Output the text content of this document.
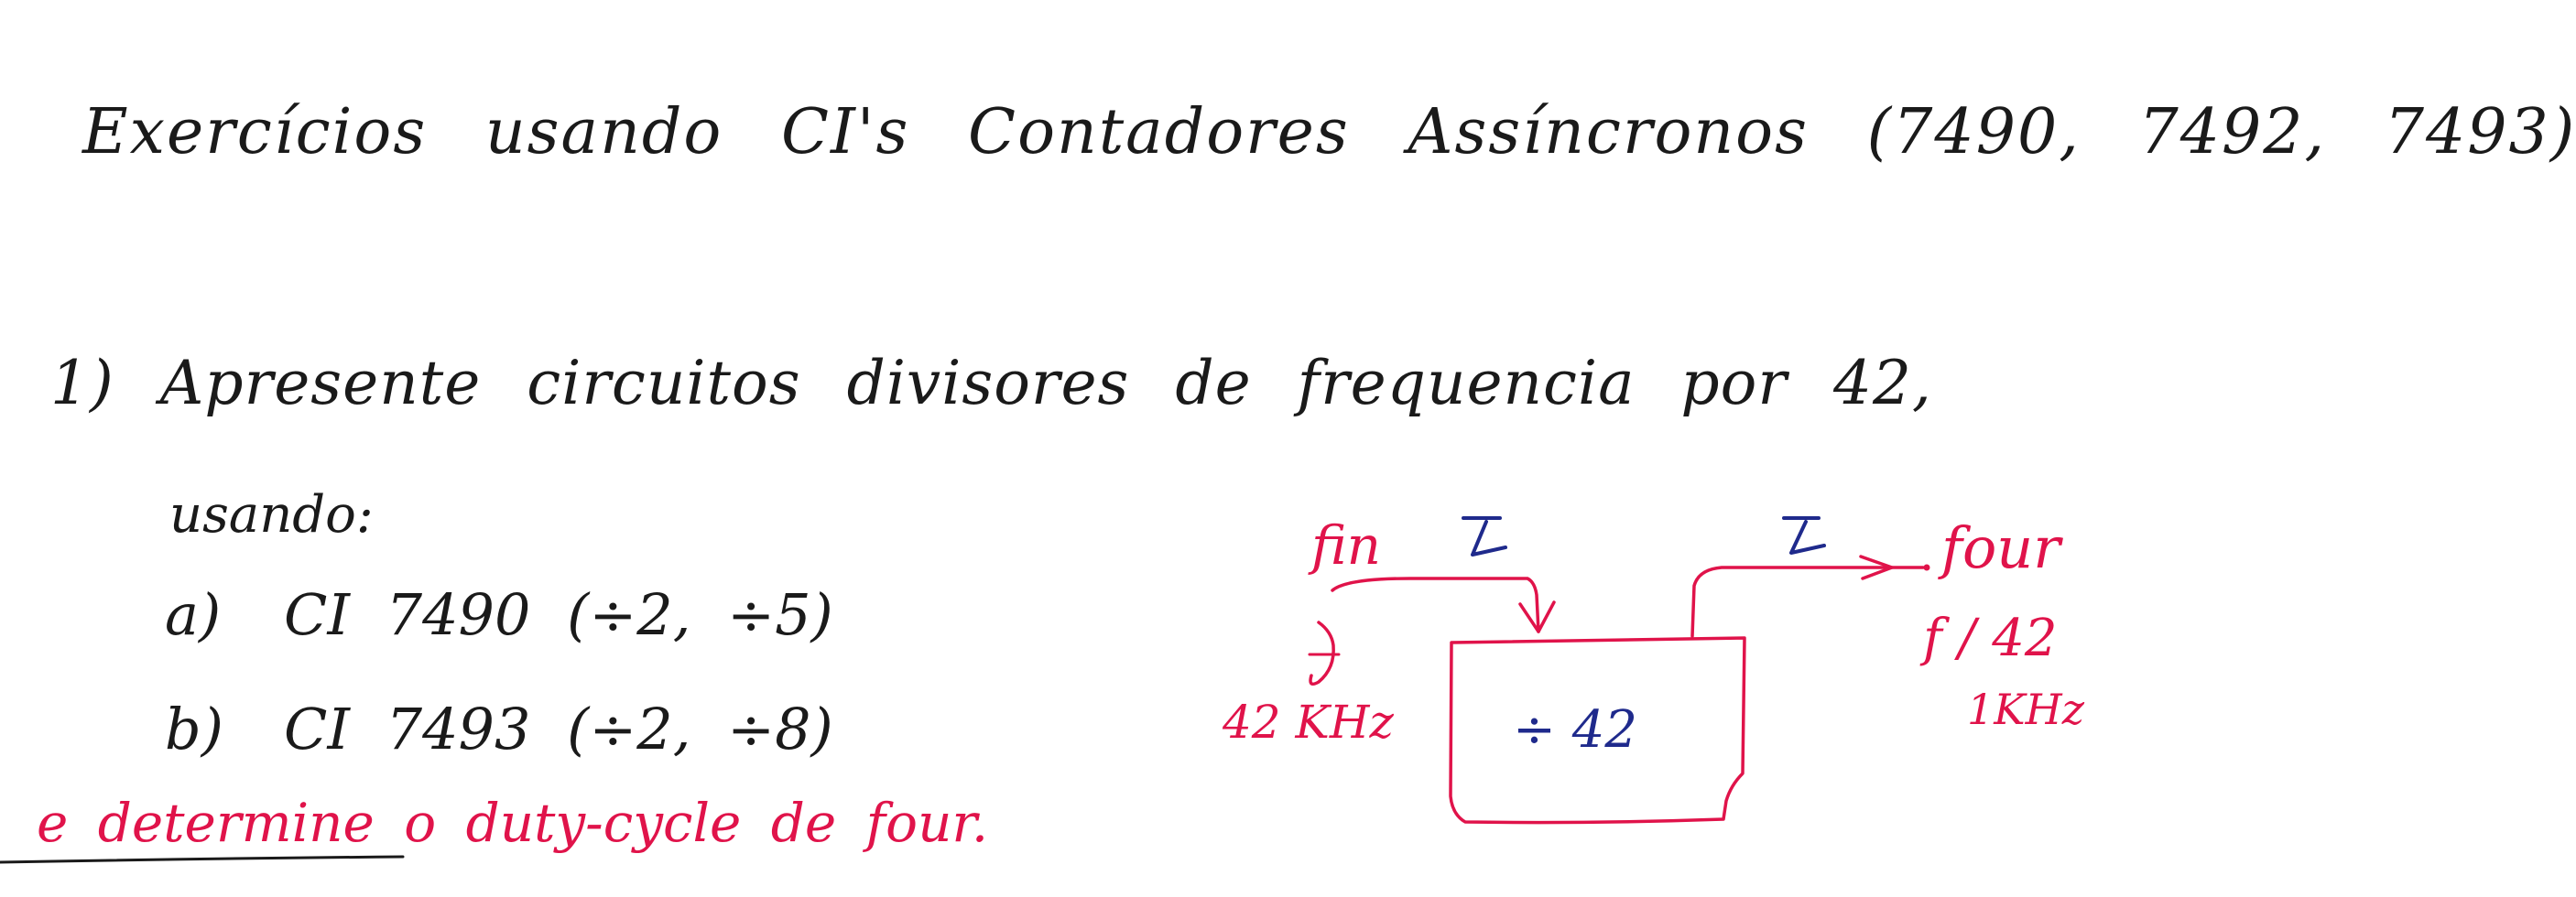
Exercícios usando CI's Contadores Assíncronos (7490, 7492, 7493)
1) Apresente circuitos divisores de frequencia por 42,
usando:
a) CI 7490 (÷2, ÷5)
b) CI 7493 (÷2, ÷8)
e determine o duty-cycle de four.
fin
42 KHz ÷ 42
four
f / 42
1KHz
